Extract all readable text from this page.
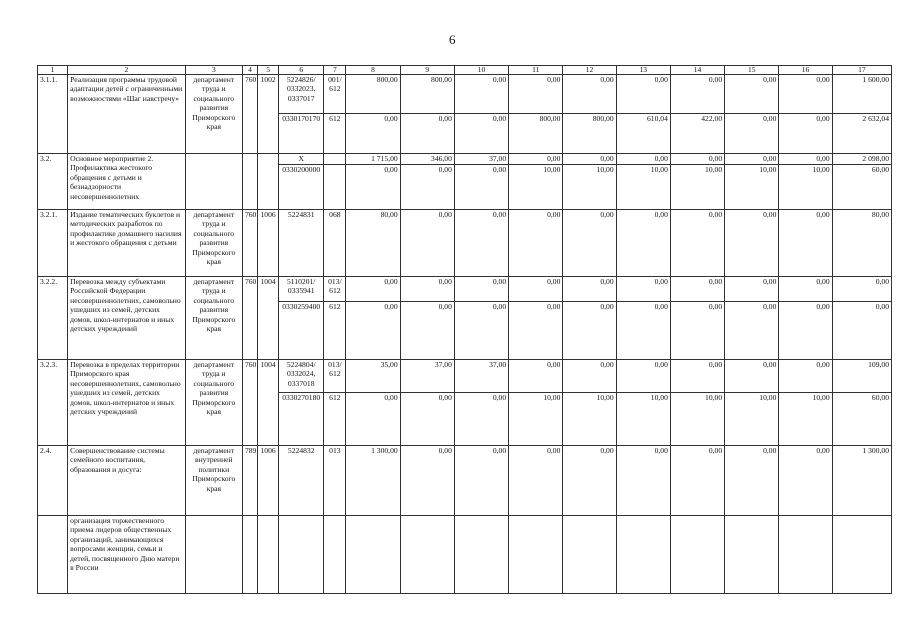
6
1	2	3	4	5	6	7	8	9	10	11	12	13	14	15	16	17
3.1.1.	Реализация программы трудовой адаптации детей с ограниченными возможностями «Шаг навстречу»	департамент труда и социального развития Приморского края	760	1002	5224826/ 0332023, 0337017	001/ 612	800,00	800,00	0,00	0,00	0,00	0,00	0,00	0,00	0,00	1 600,00
					0330170170	612	0,00	0,00	0,00	800,00	800,00	610,04	422,00	0,00	0,00	2 632,04
3.2.	Основное мероприятие 2. Профилактика жестокого обращения с детьми и безнадзорности несовершеннолетних				X		1 715,00	346,00	37,00	0,00	0,00	0,00	0,00	0,00	0,00	2 098,00
					0330200000		0,00	0,00	0,00	10,00	10,00	10,00	10,00	10,00	10,00	60,00
3.2.1.	Издание тематических буклетов и методических разработок по профилактике домашнего насилия и жестокого обращения с детьми	департамент труда и социального развития Приморского края	760	1006	5224831	068	80,00	0,00	0,00	0,00	0,00	0,00	0,00	0,00	0,00	80,00
3.2.2.	Перевозка между субъектами Российской Федерации несовершеннолетних, самовольно ушедших из семей, детских домов, школ-интернатов и иных детских учреждений	департамент труда и социального развития Приморского края	760	1004	5110201/ 0335941	013/ 612	0,00	0,00	0,00	0,00	0,00	0,00	0,00	0,00	0,00	0,00
					0330259400	612	0,00	0,00	0,00	0,00	0,00	0,00	0,00	0,00	0,00	0,00
3.2.3.	Перевозка в пределах территории Приморского края несовершеннолетних, самовольно ушедших из семей, детских домов, школ-интернатов и иных детских учреждений	департамент труда и социального развития Приморского края	760	1004	5224804/ 0332024, 0337018	013/ 612	35,00	37,00	37,00	0,00	0,00	0,00	0,00	0,00	0,00	109,00
					0330270180	612	0,00	0,00	0,00	10,00	10,00	10,00	10,00	10,00	10,00	60,00
2.4.	Совершенствование системы семейного воспитания, образования и досуга:	департамент внутренней политики Приморского края	789	1006	5224832	013	1 300,00	0,00	0,00	0,00	0,00	0,00	0,00	0,00	0,00	1 300,00
	организация торжественного приема лидеров общественных организаций, занимающихся вопросами женщин, семьи и детей, посвященного Дню матери в России															
